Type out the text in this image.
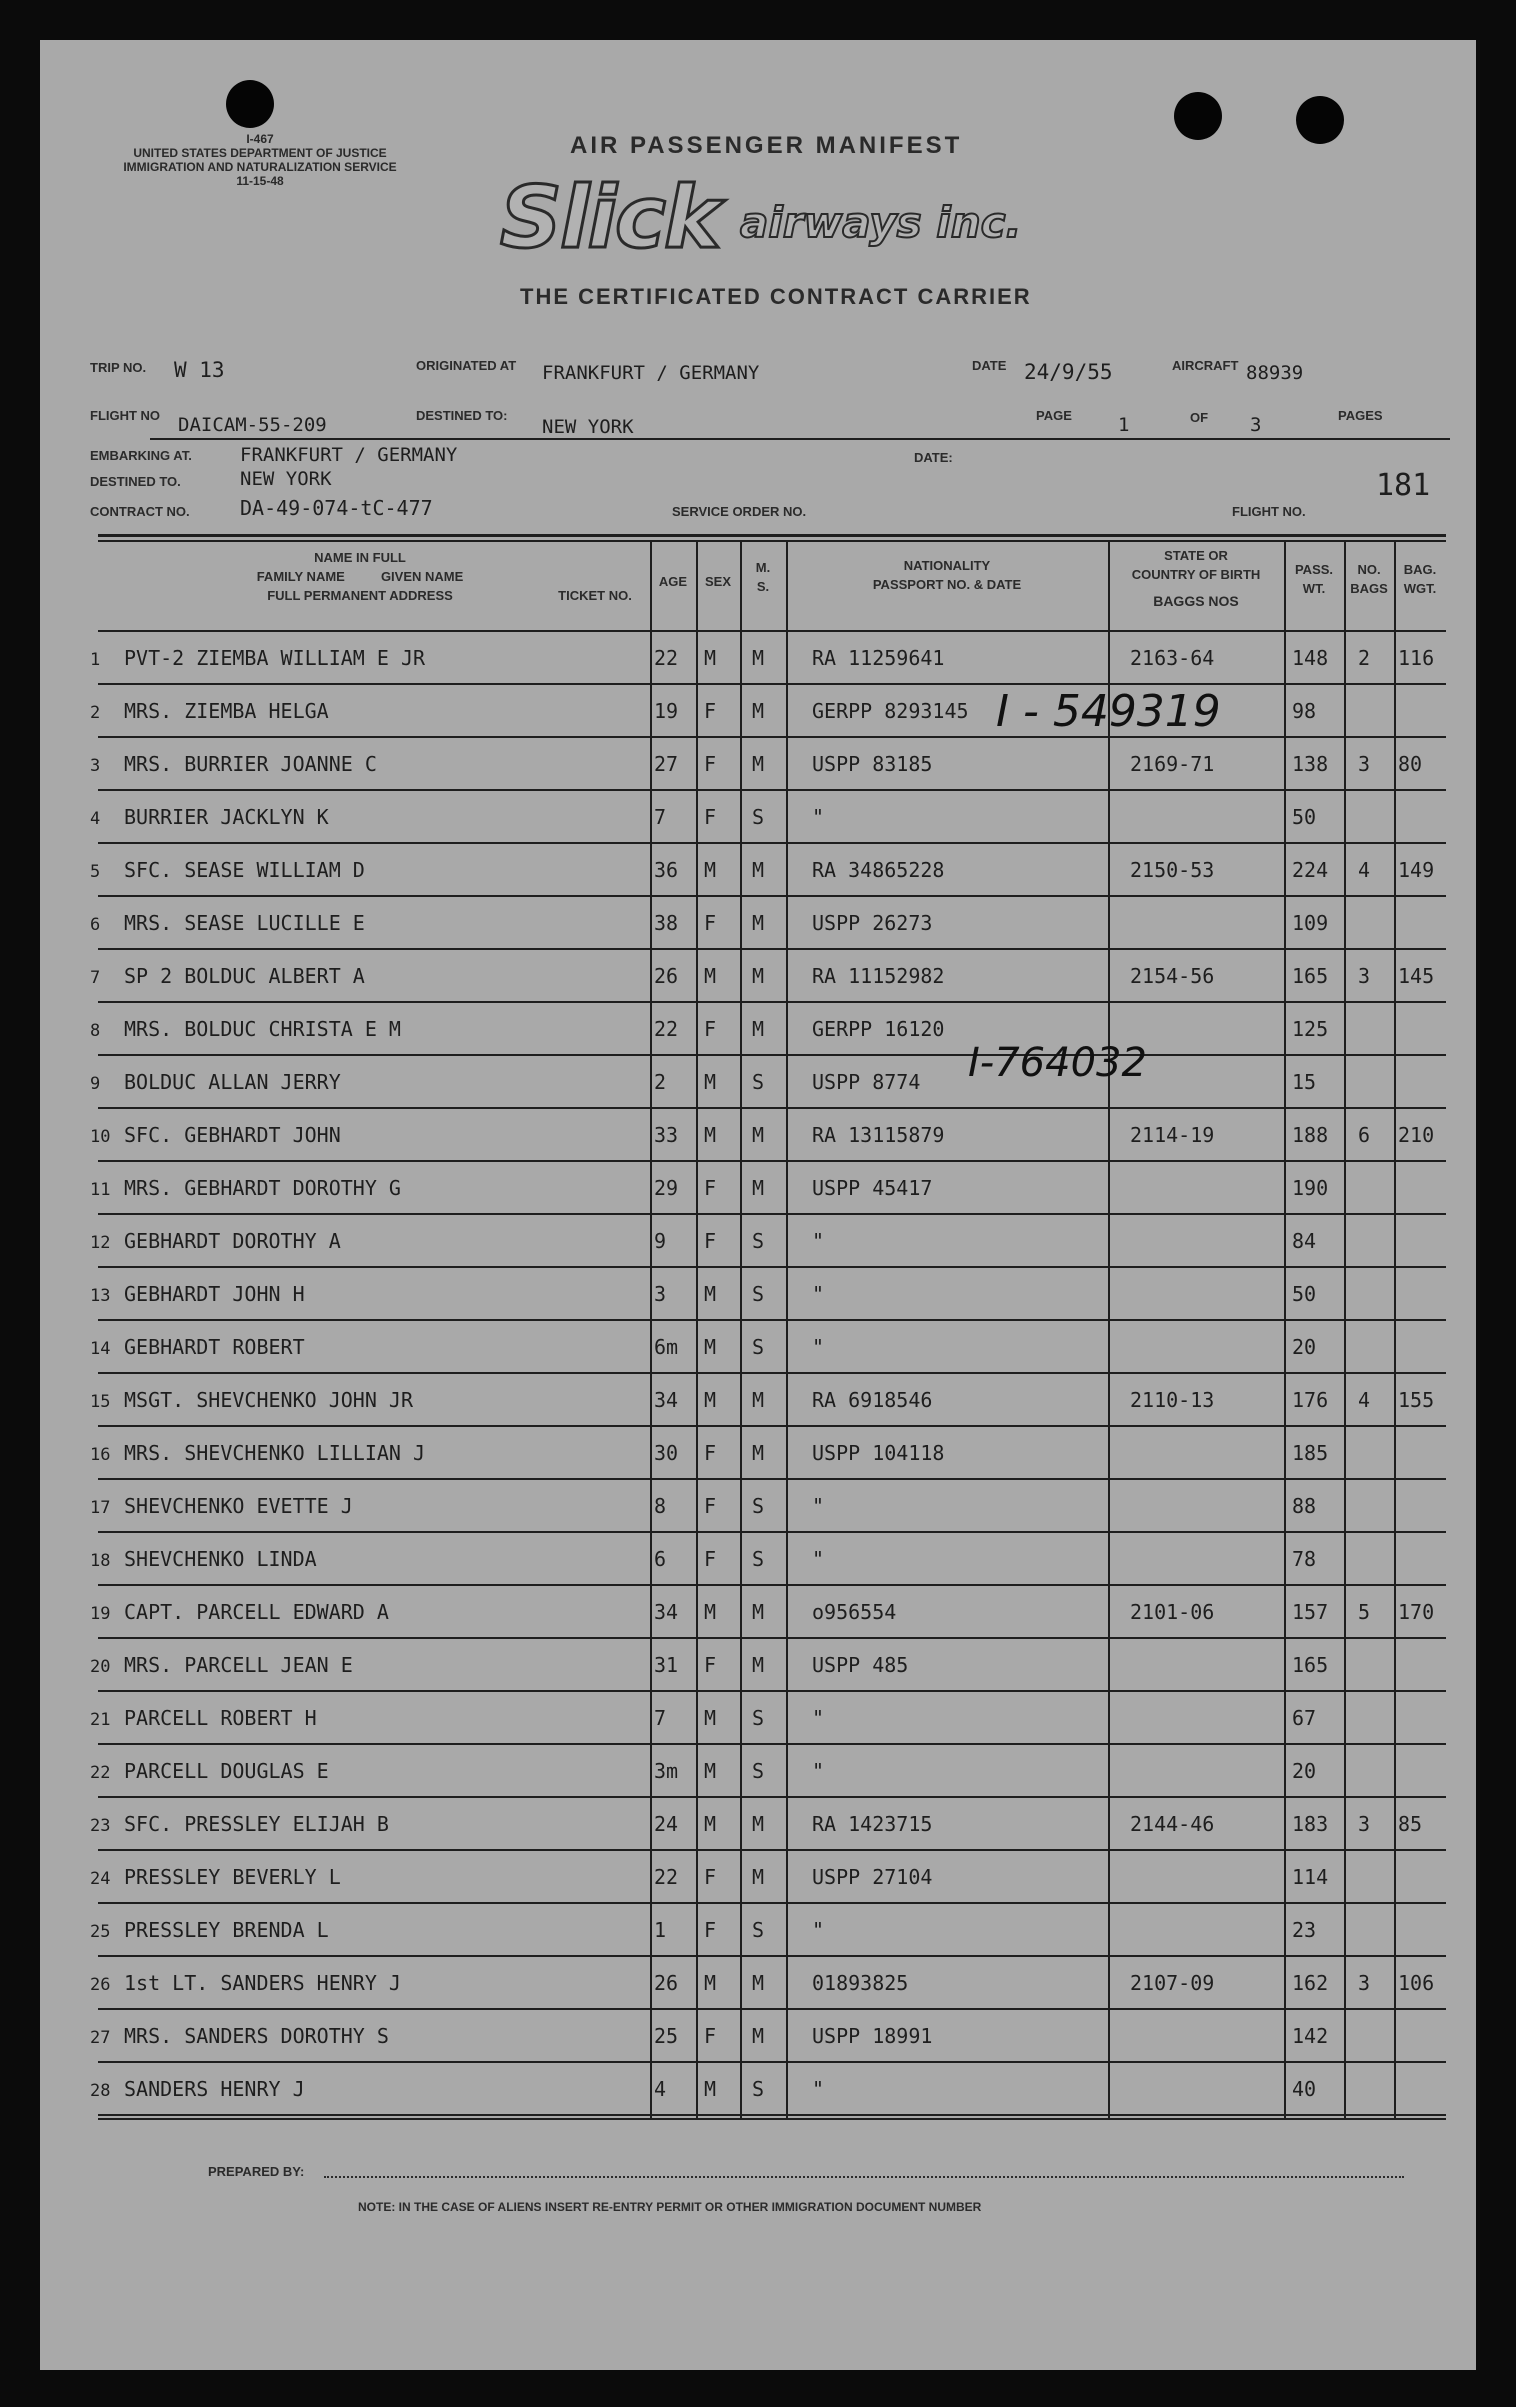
I-467
UNITED STATES DEPARTMENT OF JUSTICE
IMMIGRATION AND NATURALIZATION SERVICE
11-15-48
AIR PASSENGER MANIFEST
Slick airways inc.
THE CERTIFICATED CONTRACT CARRIER
TRIP NO. W 13	ORIGINATED AT FRANKFURT / GERMANY	DATE 24/9/55	AIRCRAFT 88939
FLIGHT NO DAICAM-55-209	DESTINED TO:
NEW YORK
PAGE 1	OF 3	PAGES
EMBARKING AT.	FRANKFURT / GERMANY	DATE:
DESTINED TO.	NEW YORK
CONTRACT NO.	DA-49-074-tC-477	SERVICE ORDER NO.	FLIGHT NO.
181
NAME IN FULL
FAMILY NAME          GIVEN NAME
FULL PERMANENT ADDRESS	TICKET NO.
AGE	SEX
M.
S.
NATIONALITY
PASSPORT NO. & DATE
STATE OR
COUNTRY OF BIRTH
BAGGS NOS
PASS.
WT.
NO.
BAGS
BAG.
WGT.
1 PVT-2 ZIEMBA WILLIAM E JR	22 M M RA 11259641	2163-64	148 2 116
2 MRS. ZIEMBA HELGA	19 F M GERPP 8293145	98
3 MRS. BURRIER JOANNE C	27 F M USPP 83185	2169-71	138 3 80
4 BURRIER JACKLYN K	7 F S "	50
5 SFC. SEASE WILLIAM D	36 M M RA 34865228	2150-53	224 4 149
6 MRS. SEASE LUCILLE E	38 F M USPP 26273	109
7 SP 2 BOLDUC ALBERT A	26 M M RA 11152982	2154-56	165 3 145
8 MRS. BOLDUC CHRISTA E M	22 F M GERPP 16120	125
9 BOLDUC ALLAN JERRY	2 M S USPP 8774	15
10 SFC. GEBHARDT JOHN	33 M M RA 13115879	2114-19	188 6 210
11 MRS. GEBHARDT DOROTHY G	29 F M USPP 45417	190
12 GEBHARDT DOROTHY A	9 F S "	84
13 GEBHARDT JOHN H	3 M S "	50
14 GEBHARDT ROBERT	6m M S "	20
15 MSGT. SHEVCHENKO JOHN JR	34 M M RA 6918546	2110-13	176 4 155
16 MRS. SHEVCHENKO LILLIAN J	30 F M USPP 104118	185
17 SHEVCHENKO EVETTE J	8 F S "	88
18 SHEVCHENKO LINDA	6 F S "	78
19 CAPT. PARCELL EDWARD A	34 M M o956554	2101-06	157 5 170
20 MRS. PARCELL JEAN E	31 F M USPP 485	165
21 PARCELL ROBERT H	7 M S "	67
22 PARCELL DOUGLAS E	3m M S "	20
23 SFC. PRESSLEY ELIJAH B	24 M M RA 1423715	2144-46	183 3 85
24 PRESSLEY BEVERLY L	22 F M USPP 27104	114
25 PRESSLEY BRENDA L	1 F S "	23
26 1st LT. SANDERS HENRY J	26 M M 01893825	2107-09	162 3 106
27 MRS. SANDERS DOROTHY S	25 F M USPP 18991	142
28 SANDERS HENRY J	4 M S "	40
I - 549319
I-764032
PREPARED BY:
NOTE: IN THE CASE OF ALIENS INSERT RE-ENTRY PERMIT OR OTHER IMMIGRATION DOCUMENT NUMBER
